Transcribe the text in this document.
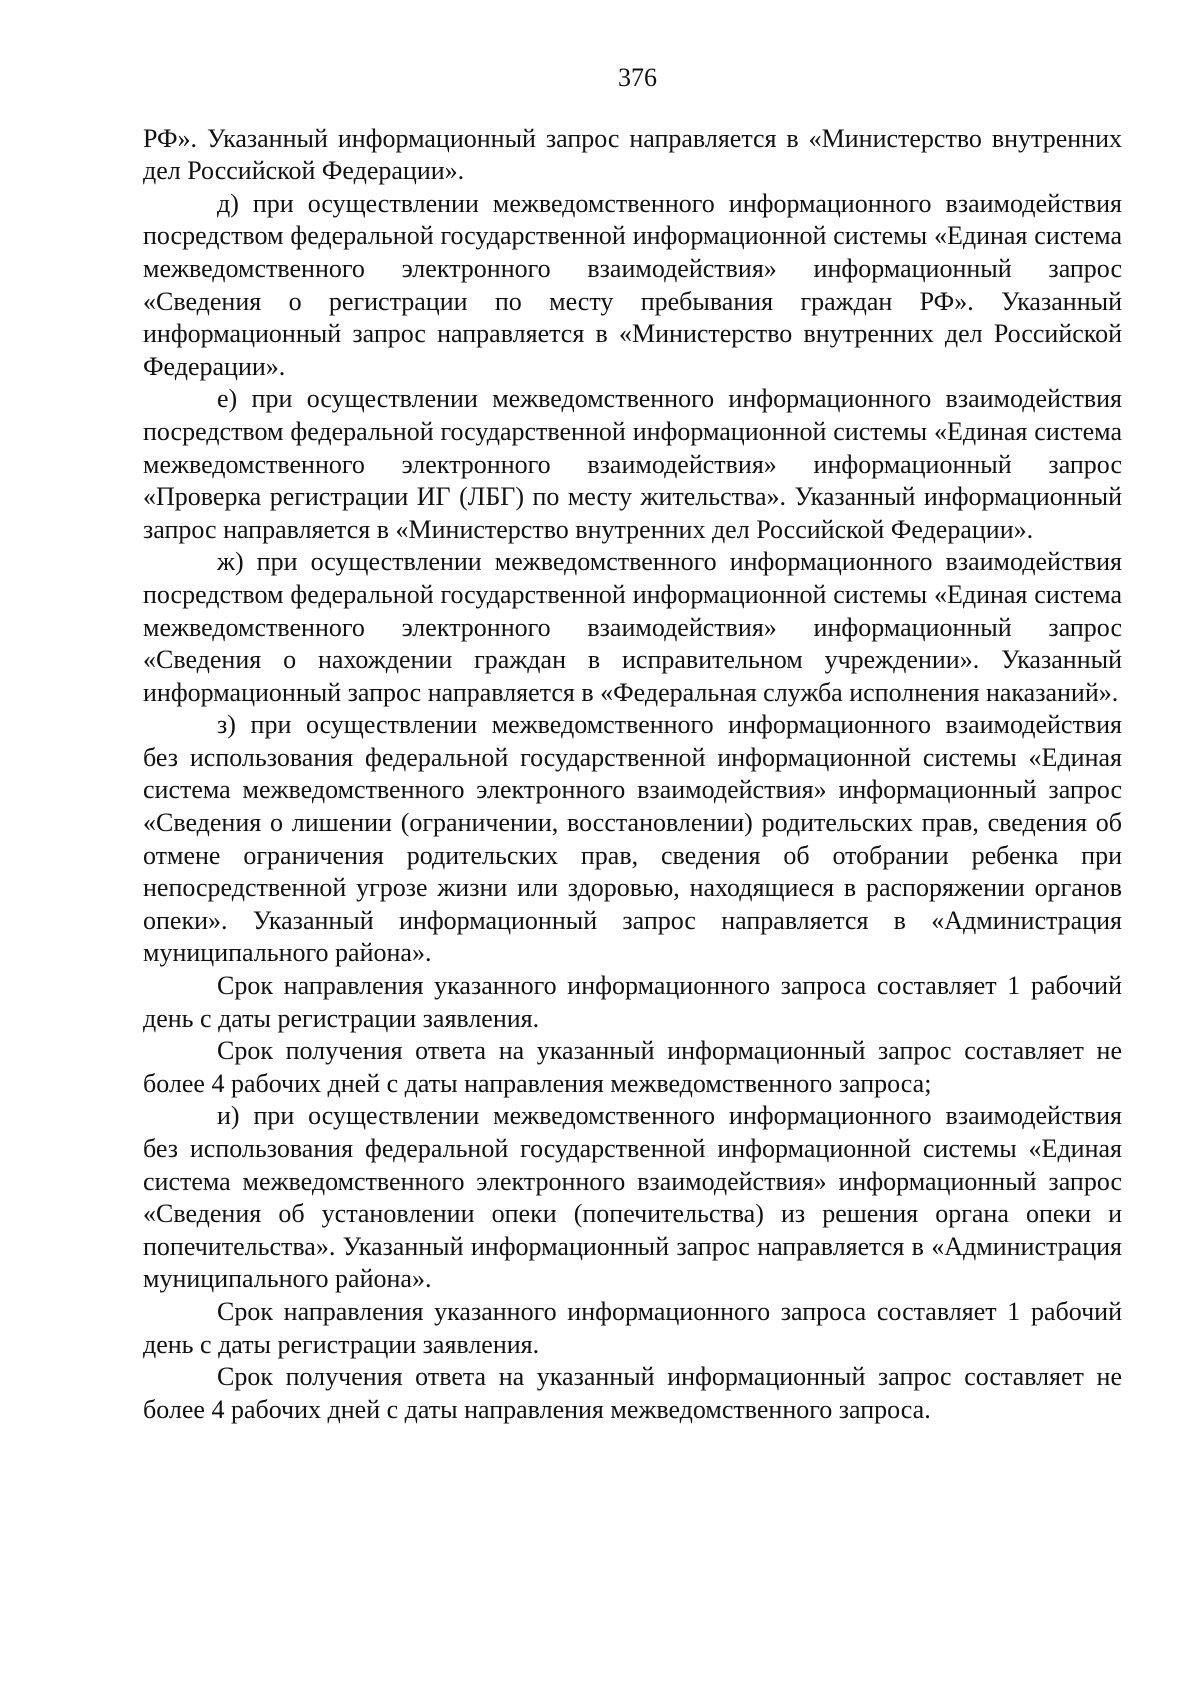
376

РФ». Указанный информационный запрос направляется в «Министерство внутренних дел Российской Федерации».

д) при осуществлении межведомственного информационного взаимодействия посредством федеральной государственной информационной системы «Единая система межведомственного электронного взаимодействия» информационный запрос «Сведения о регистрации по месту пребывания граждан РФ». Указанный информационный запрос направляется в «Министерство внутренних дел Российской Федерации».

е) при осуществлении межведомственного информационного взаимодействия посредством федеральной государственной информационной системы «Единая система межведомственного электронного взаимодействия» информационный запрос «Проверка регистрации ИГ (ЛБГ) по месту жительства». Указанный информационный запрос направляется в «Министерство внутренних дел Российской Федерации».

ж) при осуществлении межведомственного информационного взаимодействия посредством федеральной государственной информационной системы «Единая система межведомственного электронного взаимодействия» информационный запрос «Сведения о нахождении граждан в исправительном учреждении». Указанный информационный запрос направляется в «Федеральная служба исполнения наказаний».

з) при осуществлении межведомственного информационного взаимодействия без использования федеральной государственной информационной системы «Единая система межведомственного электронного взаимодействия» информационный запрос «Сведения о лишении (ограничении, восстановлении) родительских прав, сведения об отмене ограничения родительских прав, сведения об отобрании ребенка при непосредственной угрозе жизни или здоровью, находящиеся в распоряжении органов опеки». Указанный информационный запрос направляется в «Администрация муниципального района».

Срок направления указанного информационного запроса составляет 1 рабочий день с даты регистрации заявления.

Срок получения ответа на указанный информационный запрос составляет не более 4 рабочих дней с даты направления межведомственного запроса;

и) при осуществлении межведомственного информационного взаимодействия без использования федеральной государственной информационной системы «Единая система межведомственного электронного взаимодействия» информационный запрос «Сведения об установлении опеки (попечительства) из решения органа опеки и попечительства». Указанный информационный запрос направляется в «Администрация муниципального района».

Срок направления указанного информационного запроса составляет 1 рабочий день с даты регистрации заявления.

Срок получения ответа на указанный информационный запрос составляет не более 4 рабочих дней с даты направления межведомственного запроса.
